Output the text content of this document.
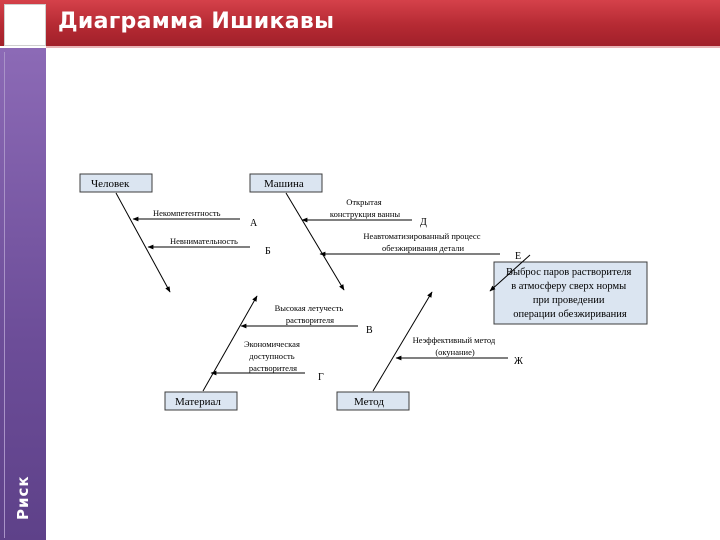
Диаграмма Ишикавы

Риск

Человек	Машина
Материал	Метод
Выброс паров растворителя в атмосферу сверх нормы при проведении операции обезжиривания
Некомпетентность
А
Невнимательность
Б
Открытая конструкция ванны
Д
Неавтоматизированный процесс обезжиривания детали
Е
Высокая летучесть растворителя
В
Экономическая доступность растворителя
Г
Неэффективный метод (окунание)
Ж
